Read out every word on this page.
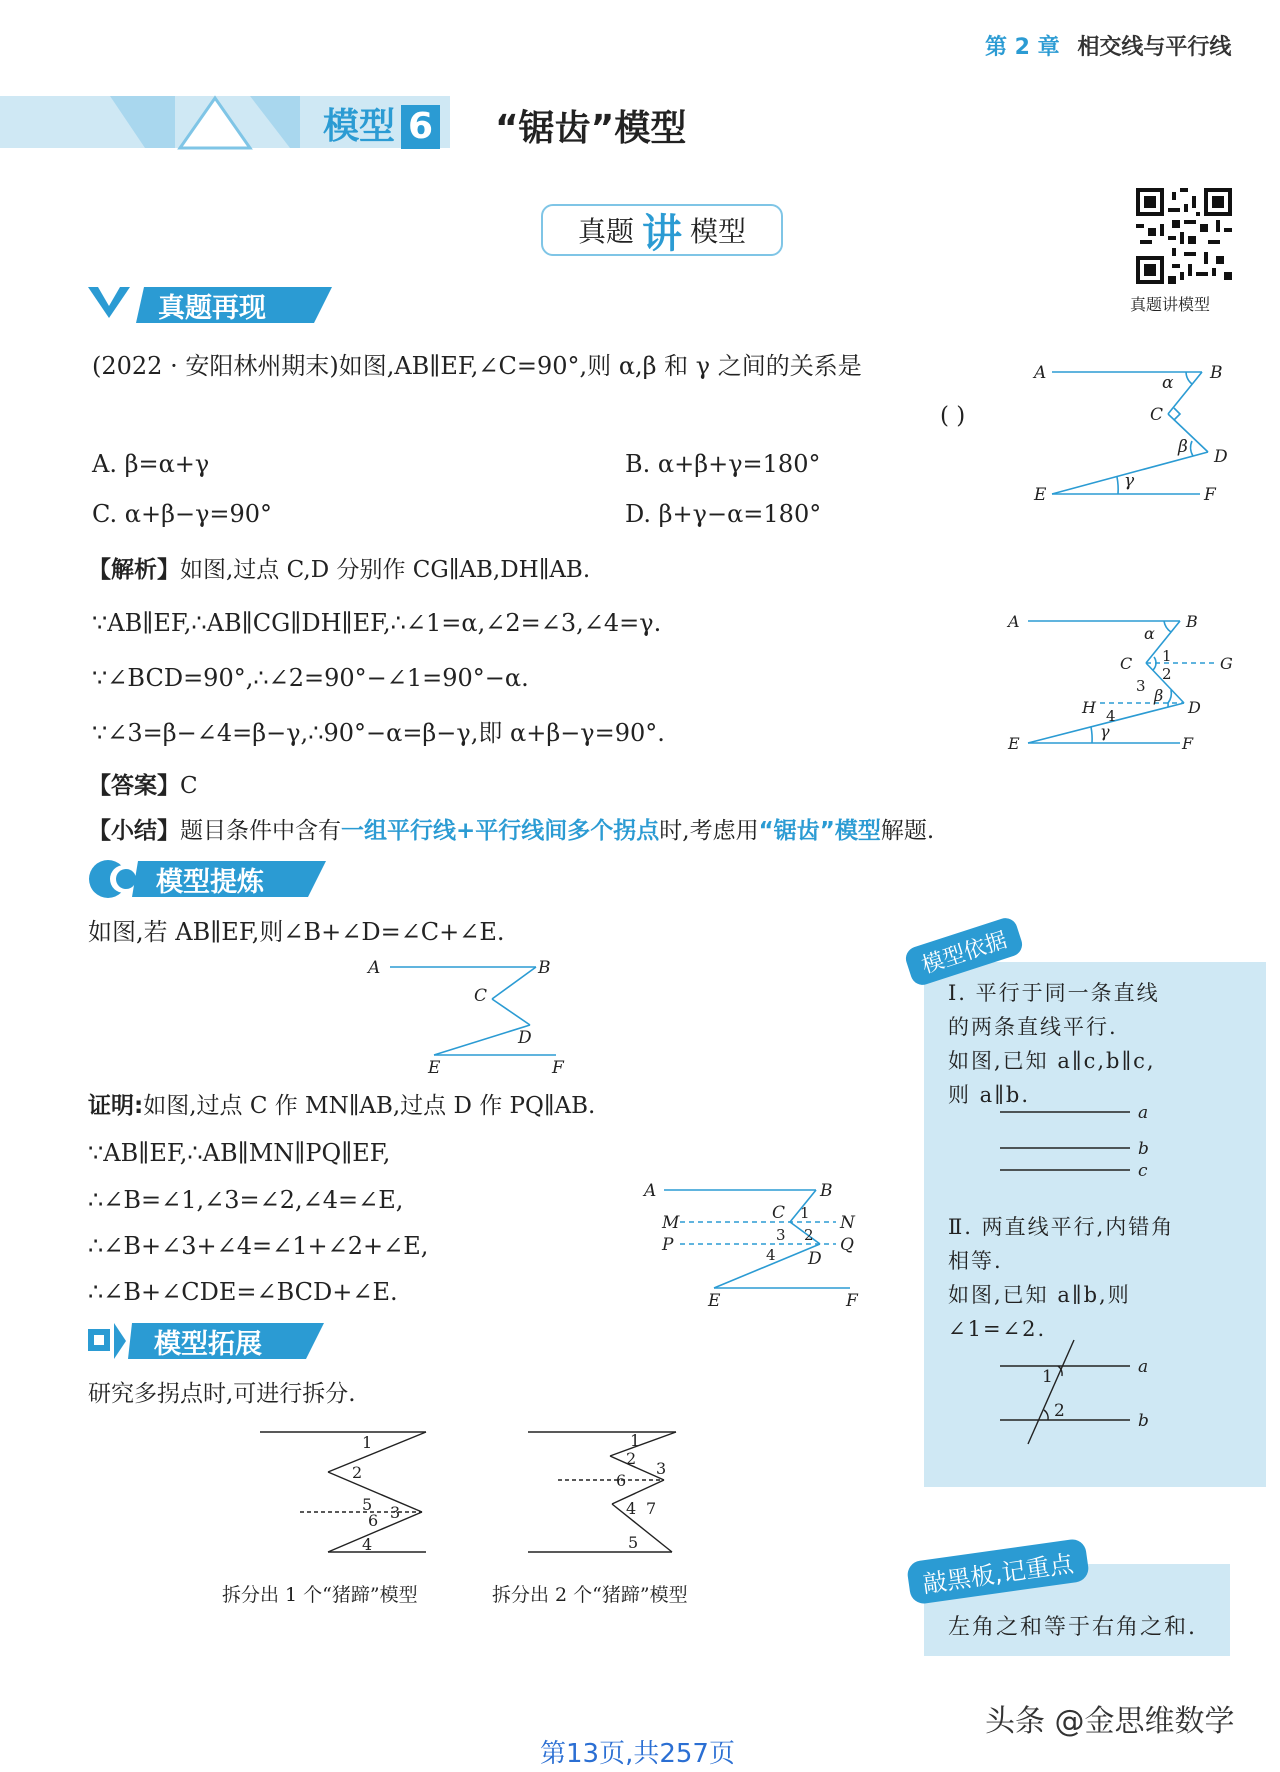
第 2 章 相交线与平行线
模型 6 “锯齿”模型
真题 讲 模型
真题讲模型
真题再现
(2022 · 安阳林州期末)如图,AB∥EF,∠C=90°,则 α,β 和 γ 之间的关系是
( )
A. β=α+γ	B. α+β+γ=180°
C. α+β−γ=90°	D. β+γ−α=180°
A	B
C
D
E	F
α
β
γ
【解析】如图,过点 C,D 分别作 CG∥AB,DH∥AB.
∵AB∥EF,∴AB∥CG∥DH∥EF,∴∠1=α,∠2=∠3,∠4=γ.
∵∠BCD=90°,∴∠2=90°−∠1=90°−α.
∵∠3=β−∠4=β−γ,∴90°−α=β−γ,即 α+β−γ=90°.
A	B
C	G
D
H
E	F
α
β
γ
1
2
3
4
【答案】C
【小结】题目条件中含有一组平行线+平行线间多个拐点时,考虑用“锯齿”模型解题.
模型提炼
如图,若 AB∥EF,则∠B+∠D=∠C+∠E.
A	B
C
D
E	F
证明:如图,过点 C 作 MN∥AB,过点 D 作 PQ∥AB.
∵AB∥EF,∴AB∥MN∥PQ∥EF,
∴∠B=∠1,∠3=∠2,∠4=∠E,
∴∠B+∠3+∠4=∠1+∠2+∠E,
∴∠B+∠CDE=∠BCD+∠E.
A	B
M	N
P	Q
C
D
E	F
1
2
3
4
模型拓展
研究多拐点时,可进行拆分.
1
2
5 3
6
4
拆分出 1 个“猪蹄”模型
1
2
3
6
4 7
5
拆分出 2 个“猪蹄”模型
模型依据
Ⅰ. 平行于同一条直线
的两条直线平行.
如图,已知 a∥c,b∥c,
则 a∥b.
a
b
c
Ⅱ. 两直线平行,内错角
相等.
如图,已知 a∥b,则
∠1=∠2.
a
b
1
2
敲黑板,记重点
左角之和等于右角之和.
头条 @金思维数学
第13页,共257页
